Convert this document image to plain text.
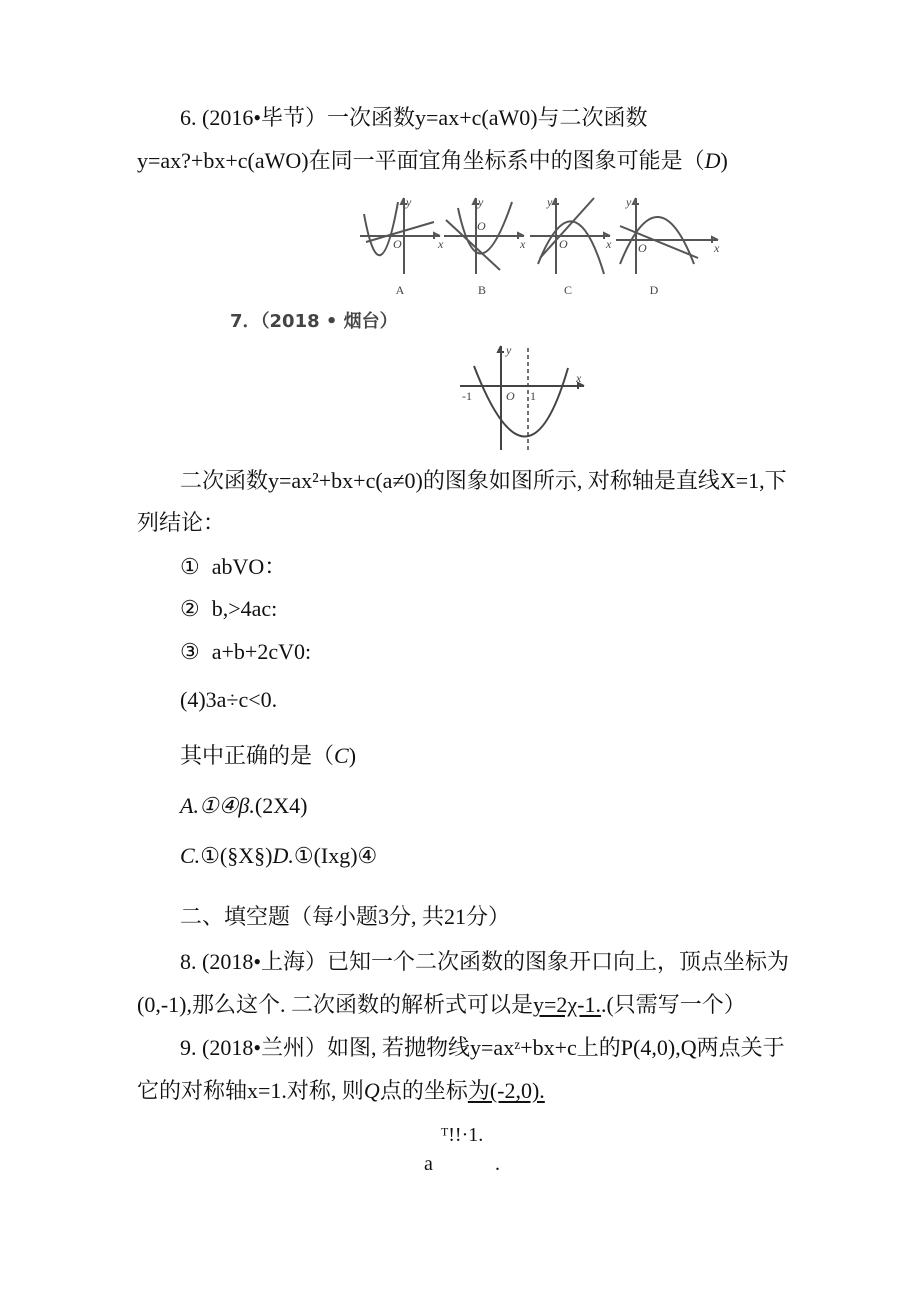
6. (2016•毕节）一次函数y=ax+c(aW0)与二次函数
y=ax?+bx+c(aWO)在同一平面宜角坐标系中的图象可能是（D)
y
x
O
y
x
O
y
x
O
y
x
O
A	B	C	D
7．（2018 • 烟台）
y
x
-1	O 1
二次函数y=ax²+bx+c(a≠0)的图象如图所示, 对称轴是直线X=1,下
列结论：
① abVO：
② b,>4ac:
③ a+b+2cV0:
(4)3a÷c<0.
其中正确的是（C)
A.①④β.(2X4)
C.①(§X§)D.①(Ixg)④
二、填空题（每小题3分, 共21分）
8. (2018•上海）已知一个二次函数的图象开口向上，顶点坐标为
(0,-1),那么这个. 二次函数的解析式可以是y=2χ-1..(只需写一个）
9. (2018•兰州）如图, 若抛物线y=axᶻ+bx+c上的P(4,0),Q两点关于
它的对称轴x=1.对称, 则Q点的坐标为(-2,0).
ᵀ!!·1.
a	.
